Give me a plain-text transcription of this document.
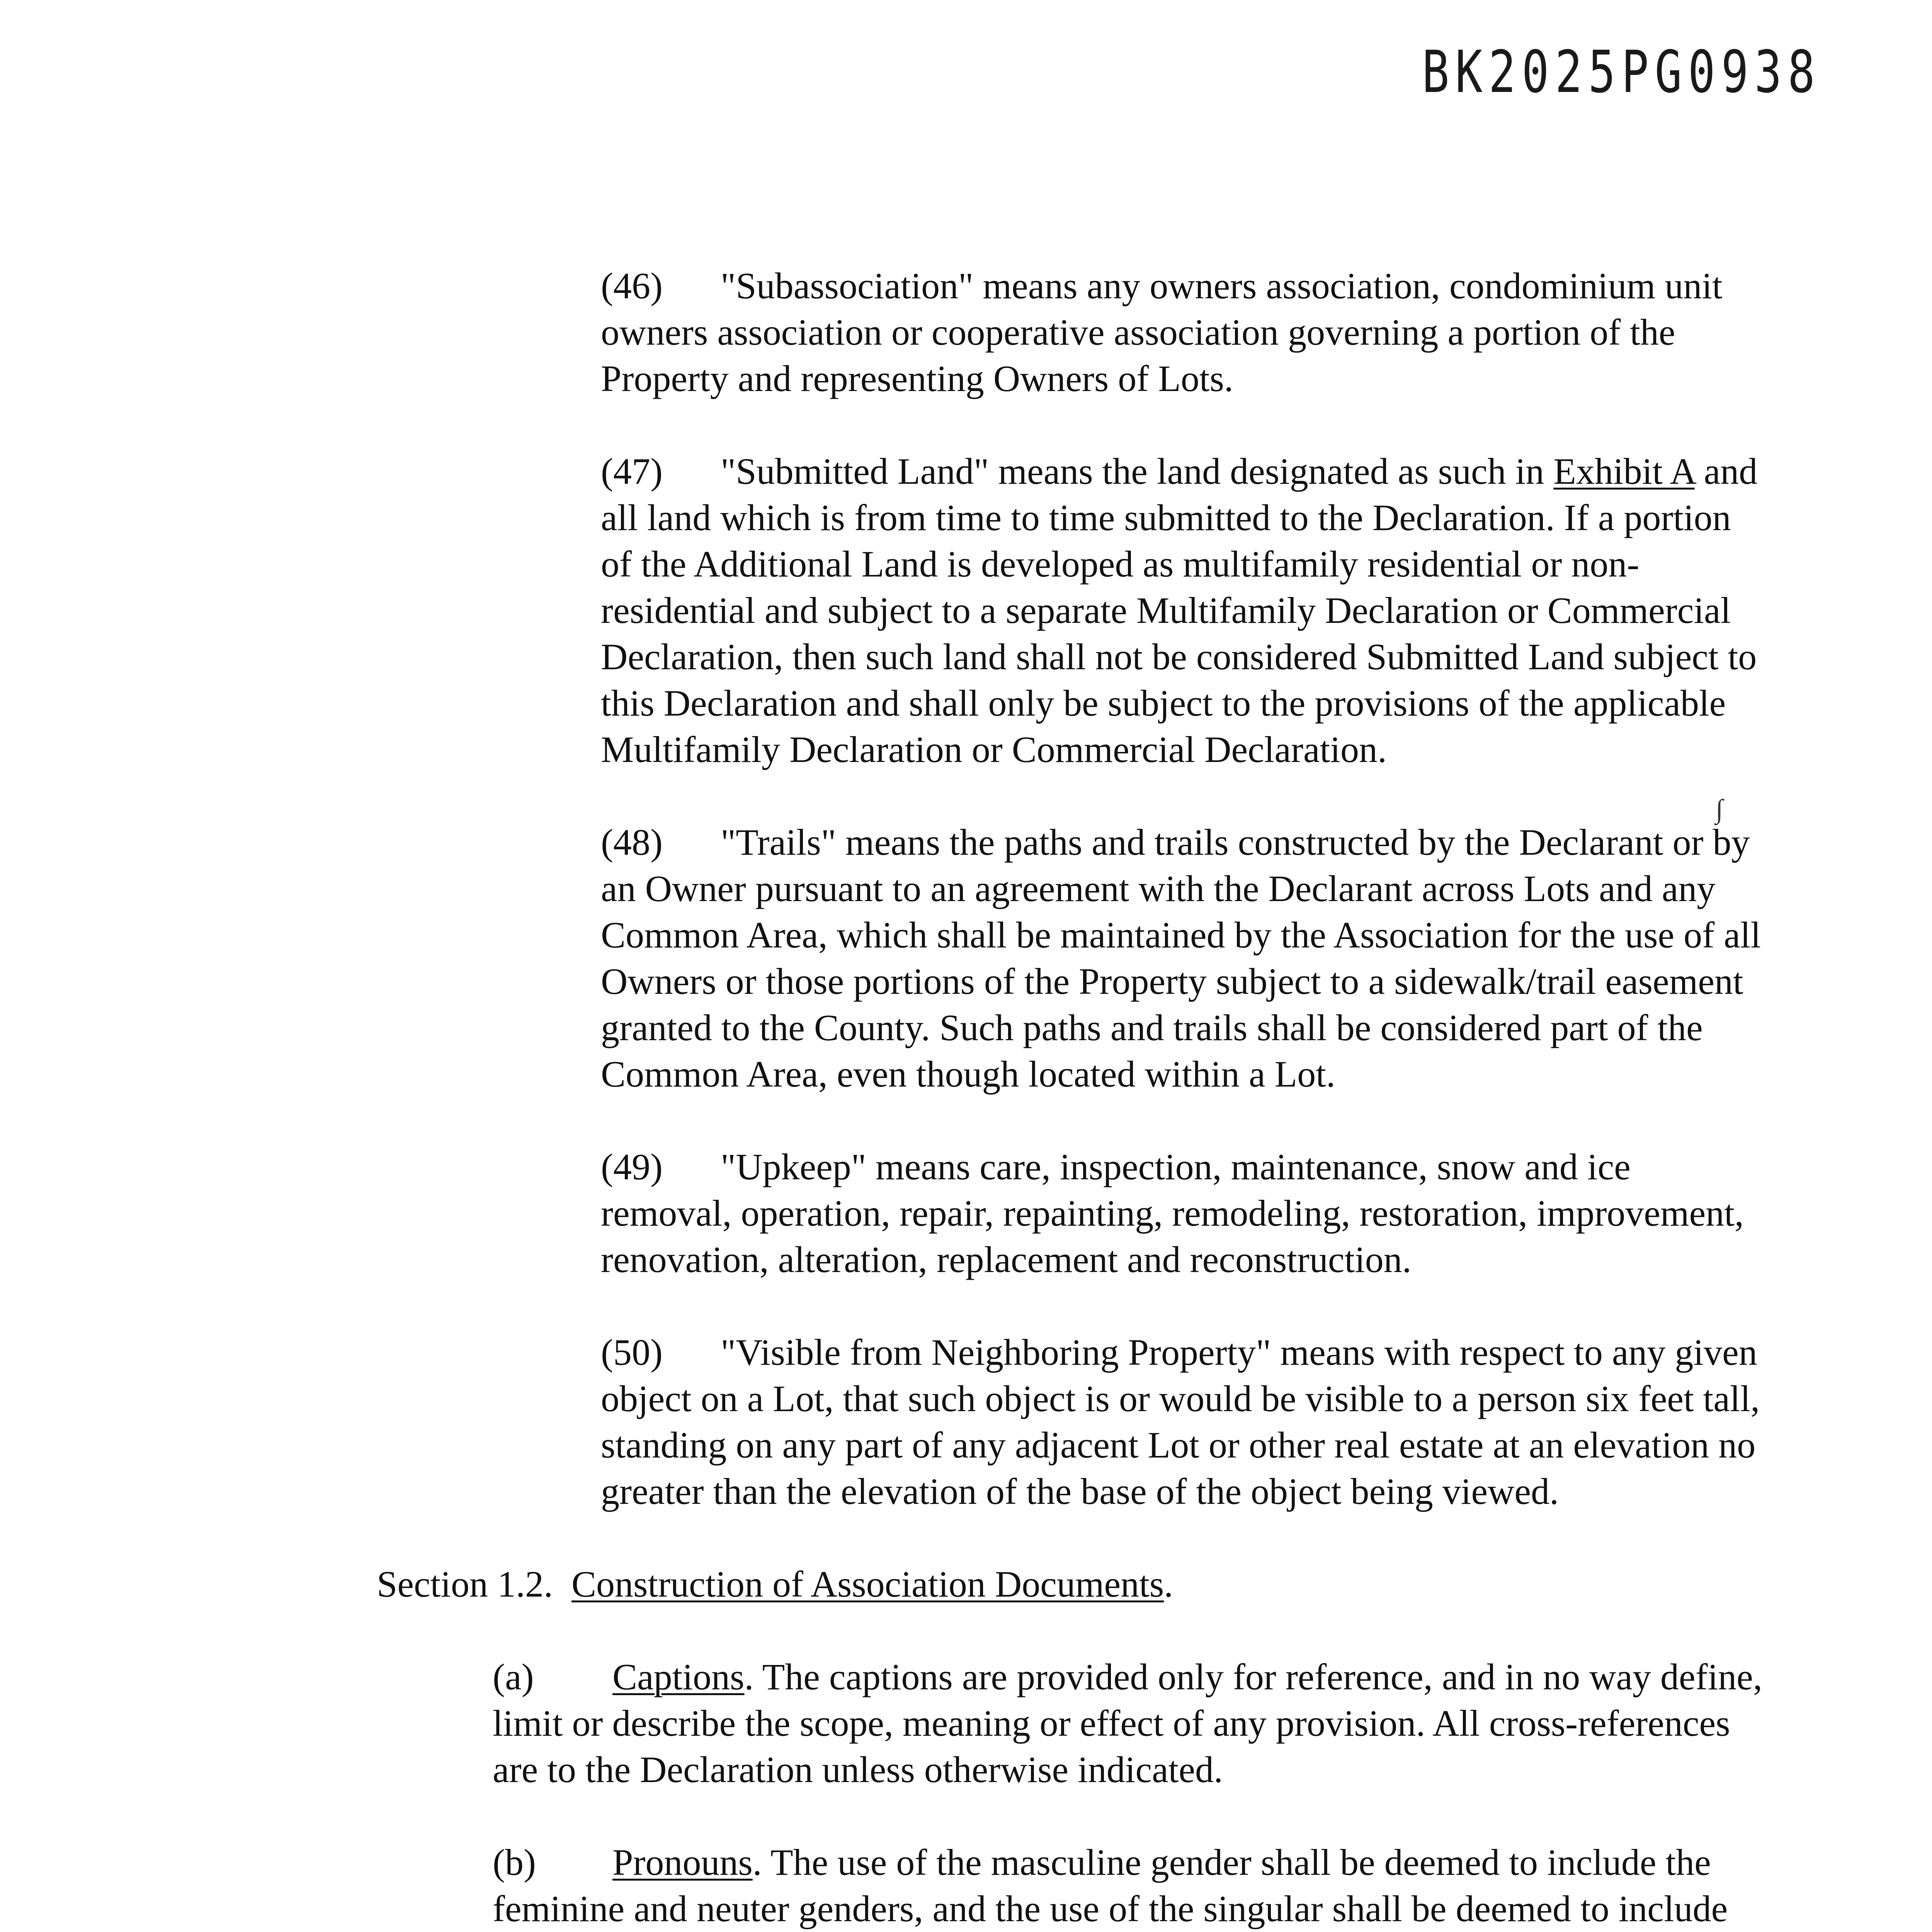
BK2025PG0938
∫

(46) "Subassociation" means any owners association, condominium unit owners association or cooperative association governing a portion of the Property and representing Owners of Lots.

(47) "Submitted Land" means the land designated as such in Exhibit A and all land which is from time to time submitted to the Declaration. If a portion of the Additional Land is developed as multifamily residential or non-residential and subject to a separate Multifamily Declaration or Commercial Declaration, then such land shall not be considered Submitted Land subject to this Declaration and shall only be subject to the provisions of the applicable Multifamily Declaration or Commercial Declaration.

(48) "Trails" means the paths and trails constructed by the Declarant or by an Owner pursuant to an agreement with the Declarant across Lots and any Common Area, which shall be maintained by the Association for the use of all Owners or those portions of the Property subject to a sidewalk/trail easement granted to the County. Such paths and trails shall be considered part of the Common Area, even though located within a Lot.

(49) "Upkeep" means care, inspection, maintenance, snow and ice removal, operation, repair, repainting, remodeling, restoration, improvement, renovation, alteration, replacement and reconstruction.

(50) "Visible from Neighboring Property" means with respect to any given object on a Lot, that such object is or would be visible to a person six feet tall, standing on any part of any adjacent Lot or other real estate at an elevation no greater than the elevation of the base of the object being viewed.

Section 1.2. Construction of Association Documents.

(a) Captions. The captions are provided only for reference, and in no way define, limit or describe the scope, meaning or effect of any provision. All cross-references are to the Declaration unless otherwise indicated.

(b) Pronouns. The use of the masculine gender shall be deemed to include the feminine and neuter genders, and the use of the singular shall be deemed to include
